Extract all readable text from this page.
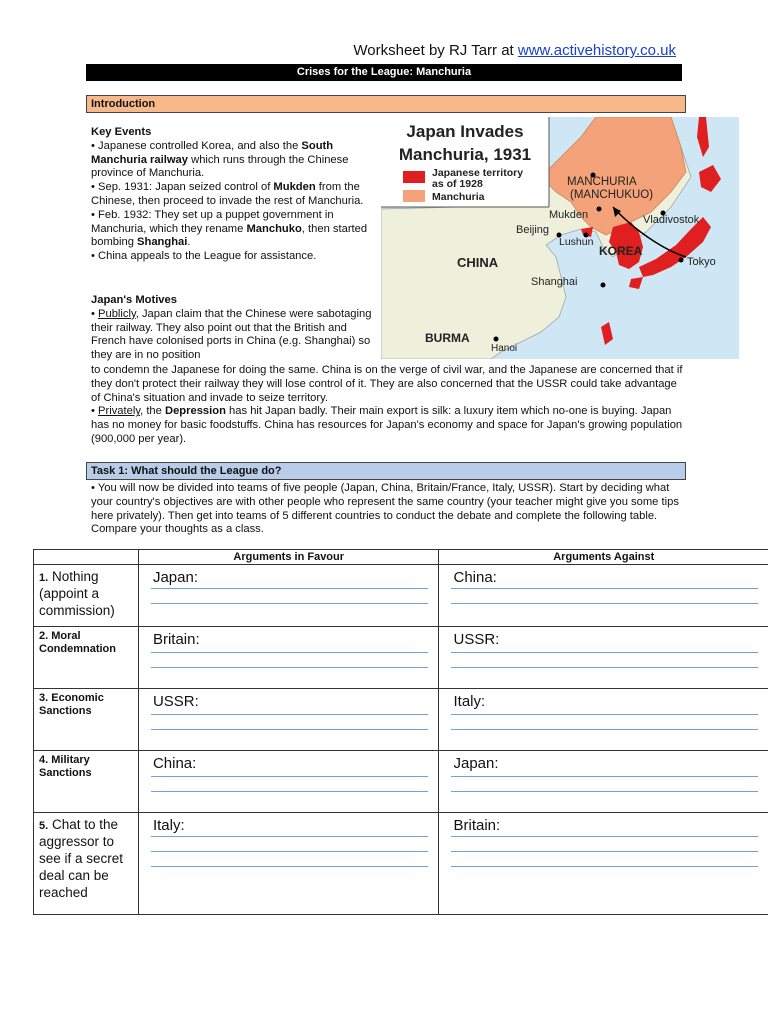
Worksheet by RJ Tarr at www.activehistory.co.uk
Crises for the League: Manchuria
Introduction

Key Events

• Japanese controlled Korea, and also the South Manchuria railway which runs through the Chinese province of Manchuria.

• Sep. 1931: Japan seized control of Mukden from the Chinese, then proceed to invade the rest of Manchuria.

• Feb. 1932: They set up a puppet government in Manchuria, which they rename Manchuko, then started bombing Shanghai.

• China appeals to the League for assistance.

Japan's Motives

• Publicly, Japan claim that the Chinese were sabotaging their railway. They also point out that the British and French have colonised ports in China (e.g. Shanghai) so they are in no position

to condemn the Japanese for doing the same. China is on the verge of civil war, and the Japanese are concerned that if they don't protect their railway they will lose control of it. They are also concerned that the USSR could take advantage of China's situation and invade to seize territory.

• Privately, the Depression has hit Japan badly. Their main export is silk: a luxury item which no-one is buying. Japan has no money for basic foodstuffs. China has resources for Japan's economy and space for Japan's growing population (900,000 per year).

Japan Invades
Manchuria, 1931
Japanese territory
as of 1928
Manchuria
MANCHURIA
(MANCHUKUO)
Mukden	Vladivostok
Beijing
Lushun
KOREA
CHINA
Shanghai
Tokyo
BURMA
Hanoi
Task 1: What should the League do?
• You will now be divided into teams of five people (Japan, China, Britain/France, Italy, USSR). Start by deciding what your country's objectives are with other people who represent the same country (your teacher might give you some tips here privately). Then get into teams of 5 different countries to conduct the debate and complete the following table. Compare your thoughts as a class.
	Arguments in Favour	Arguments Against
1. Nothing (appoint a commission)	Japan:	China:

2. Moral Condemnation	Britain:	USSR:

3. Economic Sanctions	USSR:	Italy:

4. Military Sanctions	China:	Japan:

5. Chat to the aggressor to see if a secret deal can be reached	Italy:	Britain:
